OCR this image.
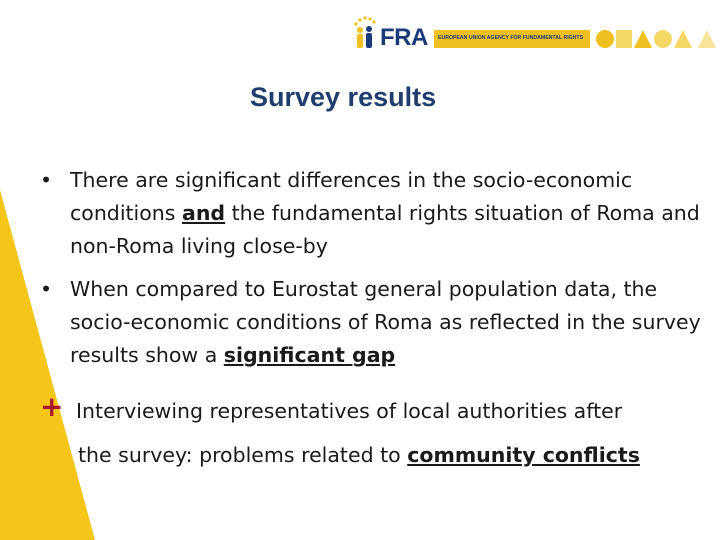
FRA EUROPEAN UNION AGENCY FOR FUNDAMENTAL RIGHTS
Survey results
• There are significant differences in the socio-economic conditions and the fundamental rights situation of Roma and non-Roma living close-by
• When compared to Eurostat general population data, the socio-economic conditions of Roma as reflected in the survey results show a significant gap
+ Interviewing representatives of local authorities after
the survey: problems related to community conflicts
